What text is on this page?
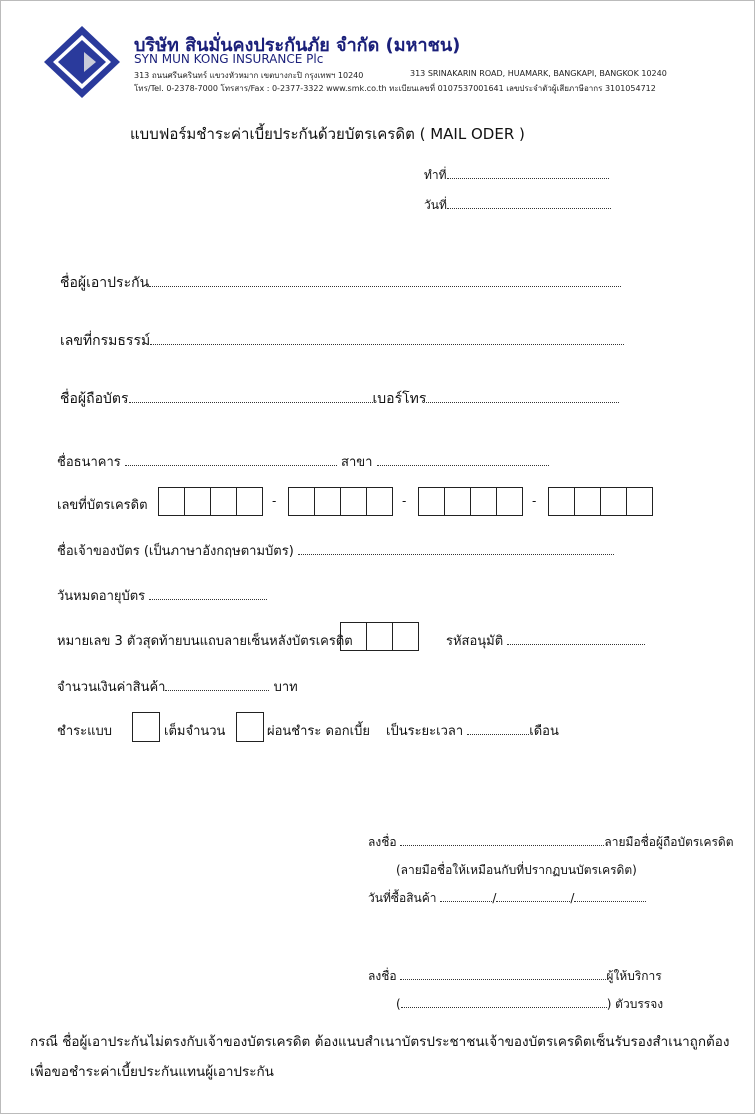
บริษัท สินมั่นคงประกันภัย จำกัด (มหาชน)
SYN MUN KONG INSURANCE Plc
313 ถนนศรีนครินทร์ แขวงหัวหมาก เขตบางกะปิ กรุงเทพฯ 10240	313 SRINAKARIN ROAD, HUAMARK, BANGKAPI, BANGKOK 10240
โทร/Tel. 0-2378-7000 โทรสาร/Fax : 0-2377-3322 www.smk.co.th ทะเบียนเลขที่ 0107537001641 เลขประจำตัวผู้เสียภาษีอากร 3101054712
แบบฟอร์มชำระค่าเบี้ยประกันด้วยบัตรเครดิต ( MAIL ODER )
ทำที่
วันที่
ชื่อผู้เอาประกัน
เลขที่กรมธรรม์
ชื่อผู้ถือบัตร	เบอร์โทร
ชื่อธนาคาร	สาขา
เลขที่บัตรเครดิต	-	-	-
ชื่อเจ้าของบัตร (เป็นภาษาอังกฤษตามบัตร)
วันหมดอายุบัตร
หมายเลข 3 ตัวสุดท้ายบนแถบลายเซ็นหลังบัตรเครดิต	รหัสอนุมัติ
จำนวนเงินค่าสินค้า	บาท
ชำระแบบ	เต็มจำนวน	ผ่อนชำระ ดอกเบี้ย เป็นระยะเวลา	เดือน
ลงชื่อ	ลายมือชื่อผู้ถือบัตรเครดิต
(ลายมือชื่อให้เหมือนกับที่ปรากฏบนบัตรเครดิต)
วันที่ซื้อสินค้า	/	/
ลงชื่อ	ผู้ให้บริการ
(	) ตัวบรรจง
กรณี ชื่อผู้เอาประกันไม่ตรงกับเจ้าของบัตรเครดิต ต้องแนบสำเนาบัตรประชาชนเจ้าของบัตรเครดิตเซ็นรับรองสำเนาถูกต้อง
เพื่อขอชำระค่าเบี้ยประกันแทนผู้เอาประกัน
